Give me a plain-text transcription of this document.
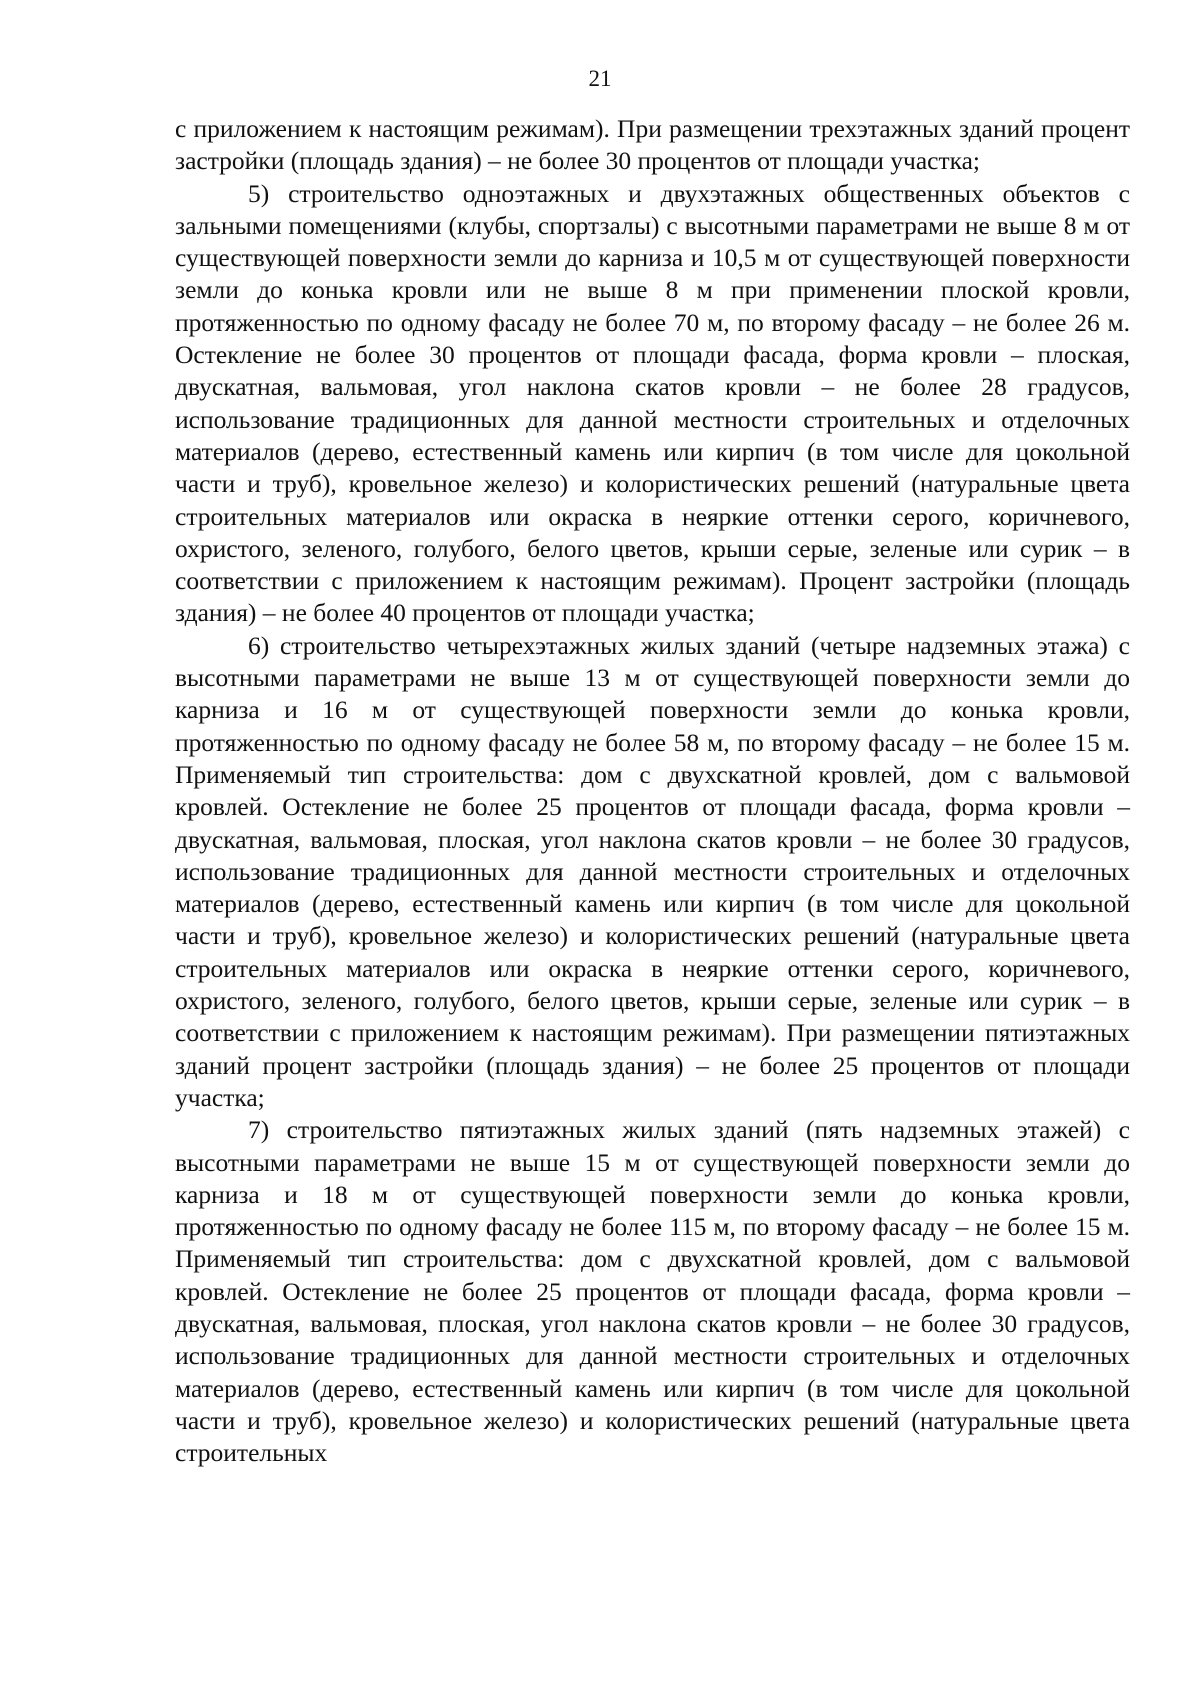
21

с приложением к настоящим режимам). При размещении трехэтажных зданий процент застройки (площадь здания) – не более 30 процентов от площади участка;

5) строительство одноэтажных и двухэтажных общественных объектов с зальными помещениями (клубы, спортзалы) с высотными параметрами не выше 8 м от существующей поверхности земли до карниза и 10,5 м от существующей поверхности земли до конька кровли или не выше 8 м при применении плоской кровли, протяженностью по одному фасаду не более 70 м, по второму фасаду – не более 26 м. Остекление не более 30 процентов от площади фасада, форма кровли – плоская, двускатная, вальмовая, угол наклона скатов кровли – не более 28 градусов, использование традиционных для данной местности строительных и отделочных материалов (дерево, естественный камень или кирпич (в том числе для цокольной части и труб), кровельное железо) и колористических решений (натуральные цвета строительных материалов или окраска в неяркие оттенки серого, коричневого, охристого, зеленого, голубого, белого цветов, крыши серые, зеленые или сурик – в соответствии с приложением к настоящим режимам). Процент застройки (площадь здания) – не более 40 процентов от площади участка;

6) строительство четырехэтажных жилых зданий (четыре надземных этажа) с высотными параметрами не выше 13 м от существующей поверхности земли до карниза и 16 м от существующей поверхности земли до конька кровли, протяженностью по одному фасаду не более 58 м, по второму фасаду – не более 15 м. Применяемый тип строительства: дом с двухскатной кровлей, дом с вальмовой кровлей. Остекление не более 25 процентов от площади фасада, форма кровли – двускатная, вальмовая, плоская, угол наклона скатов кровли – не более 30 градусов, использование традиционных для данной местности строительных и отделочных материалов (дерево, естественный камень или кирпич (в том числе для цокольной части и труб), кровельное железо) и колористических решений (натуральные цвета строительных материалов или окраска в неяркие оттенки серого, коричневого, охристого, зеленого, голубого, белого цветов, крыши серые, зеленые или сурик – в соответствии с приложением к настоящим режимам). При размещении пятиэтажных зданий процент застройки (площадь здания) – не более 25 процентов от площади участка;

7) строительство пятиэтажных жилых зданий (пять надземных этажей) с высотными параметрами не выше 15 м от существующей поверхности земли до карниза и 18 м от существующей поверхности земли до конька кровли, протяженностью по одному фасаду не более 115 м, по второму фасаду – не более 15 м. Применяемый тип строительства: дом с двухскатной кровлей, дом с вальмовой кровлей. Остекление не более 25 процентов от площади фасада, форма кровли – двускатная, вальмовая, плоская, угол наклона скатов кровли – не более 30 градусов, использование традиционных для данной местности строительных и отделочных материалов (дерево, естественный камень или кирпич (в том числе для цокольной части и труб), кровельное железо) и колористических решений (натуральные цвета строительных
